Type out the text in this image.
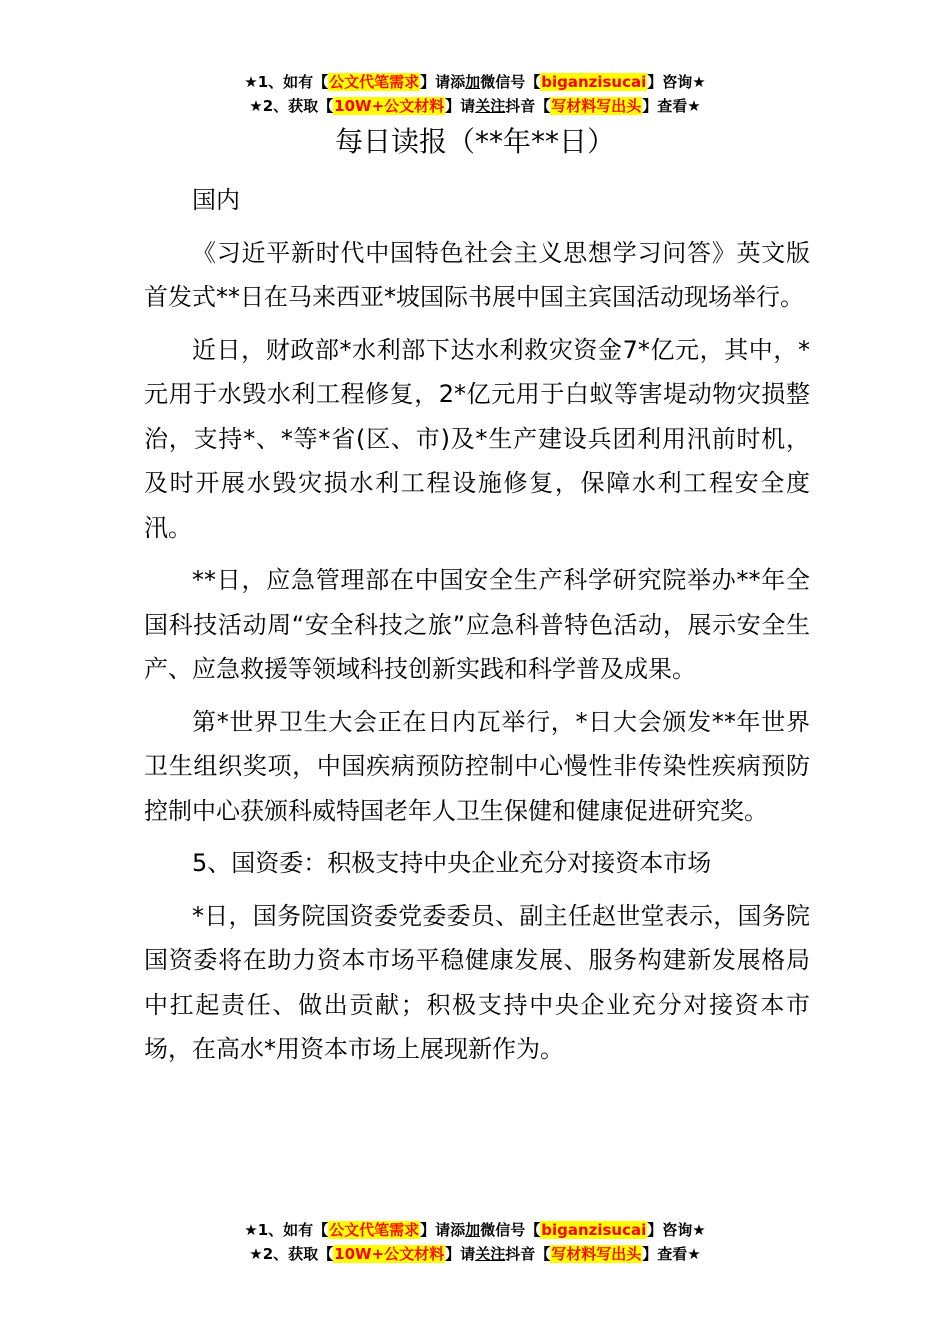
★1、如有【公文代笔需求】请添加微信号【biganzisucai】咨询★
★2、获取【10W+公文材料】请关注抖音【写材料写出头】查看★
每日读报（**年**日）

国内

《习近平新时代中国特色社会主义思想学习问答》英文版首发式**日在马来西亚*坡国际书展中国主宾国活动现场举行。

近日，财政部*水利部下达水利救灾资金7*亿元，其中，*元用于水毁水利工程修复，2*亿元用于白蚁等害堤动物灾损整治，支持*、*等*省(区、市)及*生产建设兵团利用汛前时机，及时开展水毁灾损水利工程设施修复，保障水利工程安全度汛。

**日，应急管理部在中国安全生产科学研究院举办**年全国科技活动周“安全科技之旅”应急科普特色活动，展示安全生产、应急救援等领域科技创新实践和科学普及成果。

第*世界卫生大会正在日内瓦举行，*日大会颁发**年世界卫生组织奖项，中国疾病预防控制中心慢性非传染性疾病预防控制中心获颁科威特国老年人卫生保健和健康促进研究奖。

5、国资委：积极支持中央企业充分对接资本市场

*日，国务院国资委党委委员、副主任赵世堂表示，国务院国资委将在助力资本市场平稳健康发展、服务构建新发展格局中扛起责任、做出贡献；积极支持中央企业充分对接资本市场，在高水*用资本市场上展现新作为。

★1、如有【公文代笔需求】请添加微信号【biganzisucai】咨询★
★2、获取【10W+公文材料】请关注抖音【写材料写出头】查看★
